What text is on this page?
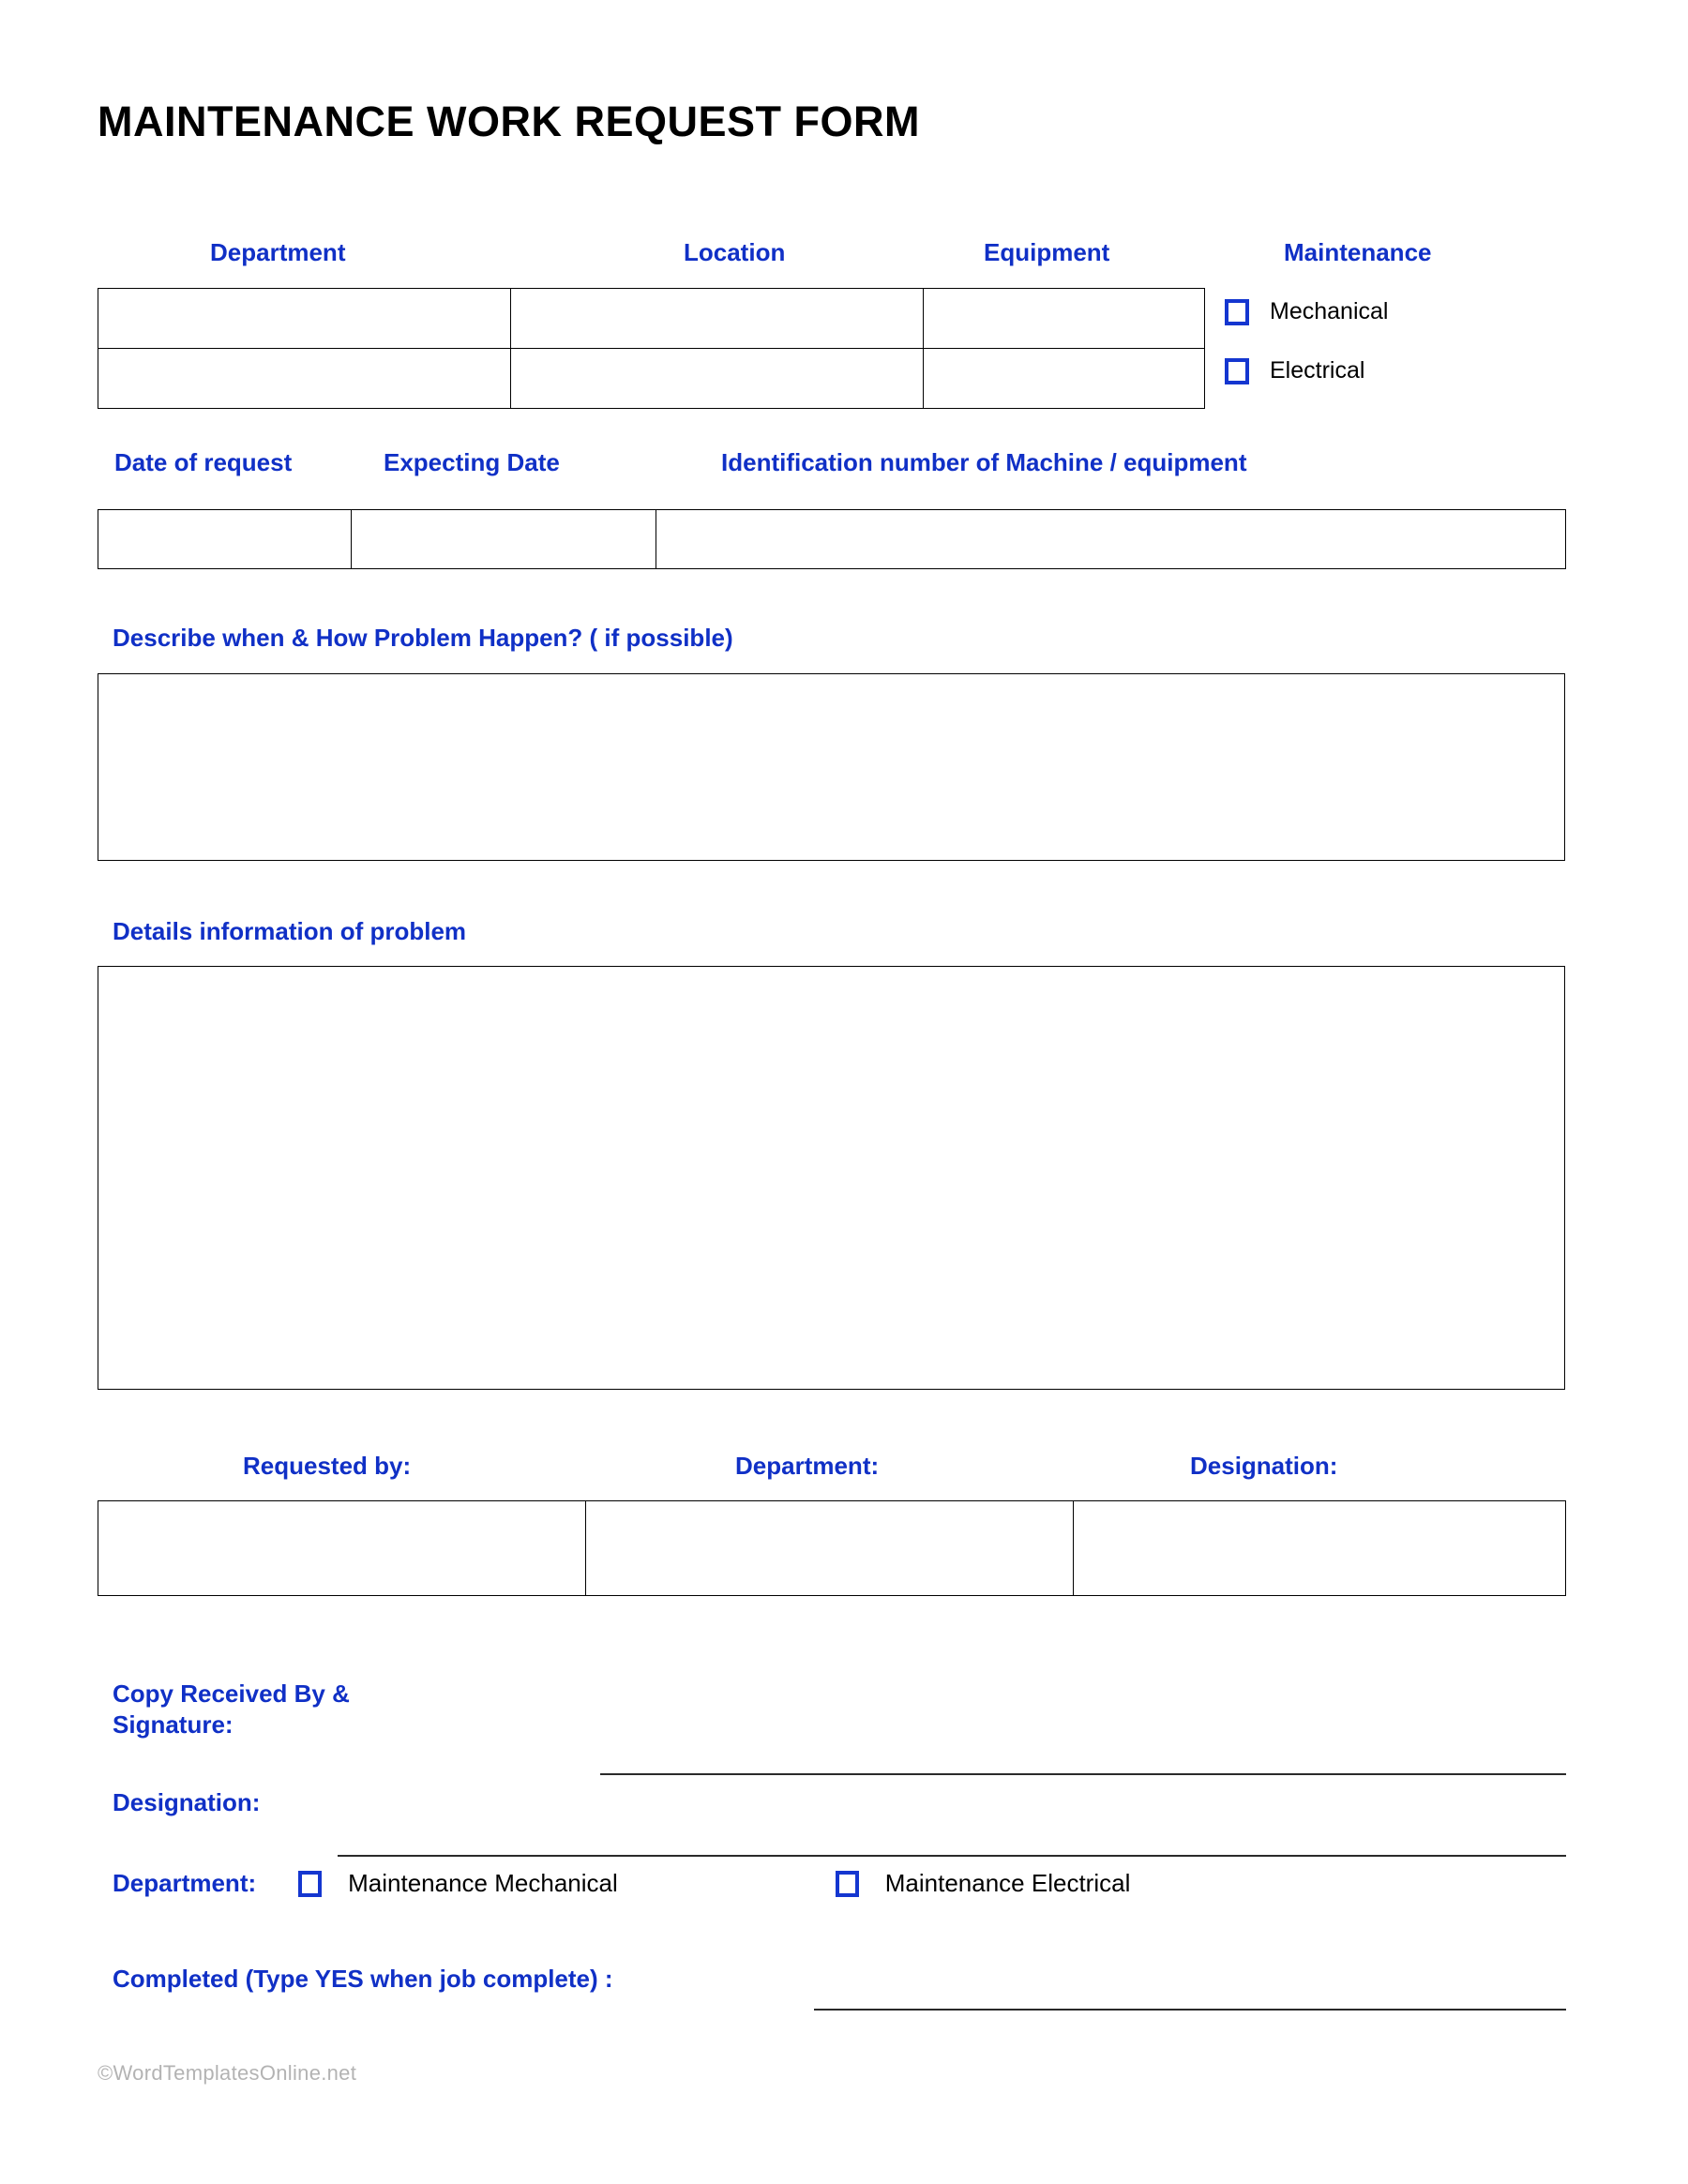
MAINTENANCE WORK REQUEST FORM
Department	Location	Equipment	Maintenance

Mechanical
Electrical
Date of request	Expecting Date	Identification number of Machine / equipment

Describe when & How Problem Happen? ( if possible)
Details information of problem
Requested by:	Department:	Designation:

Copy Received By &
Signature:
Designation:
Department:	Maintenance Mechanical	Maintenance Electrical
Completed (Type YES when job complete) :
©WordTemplatesOnline.net
